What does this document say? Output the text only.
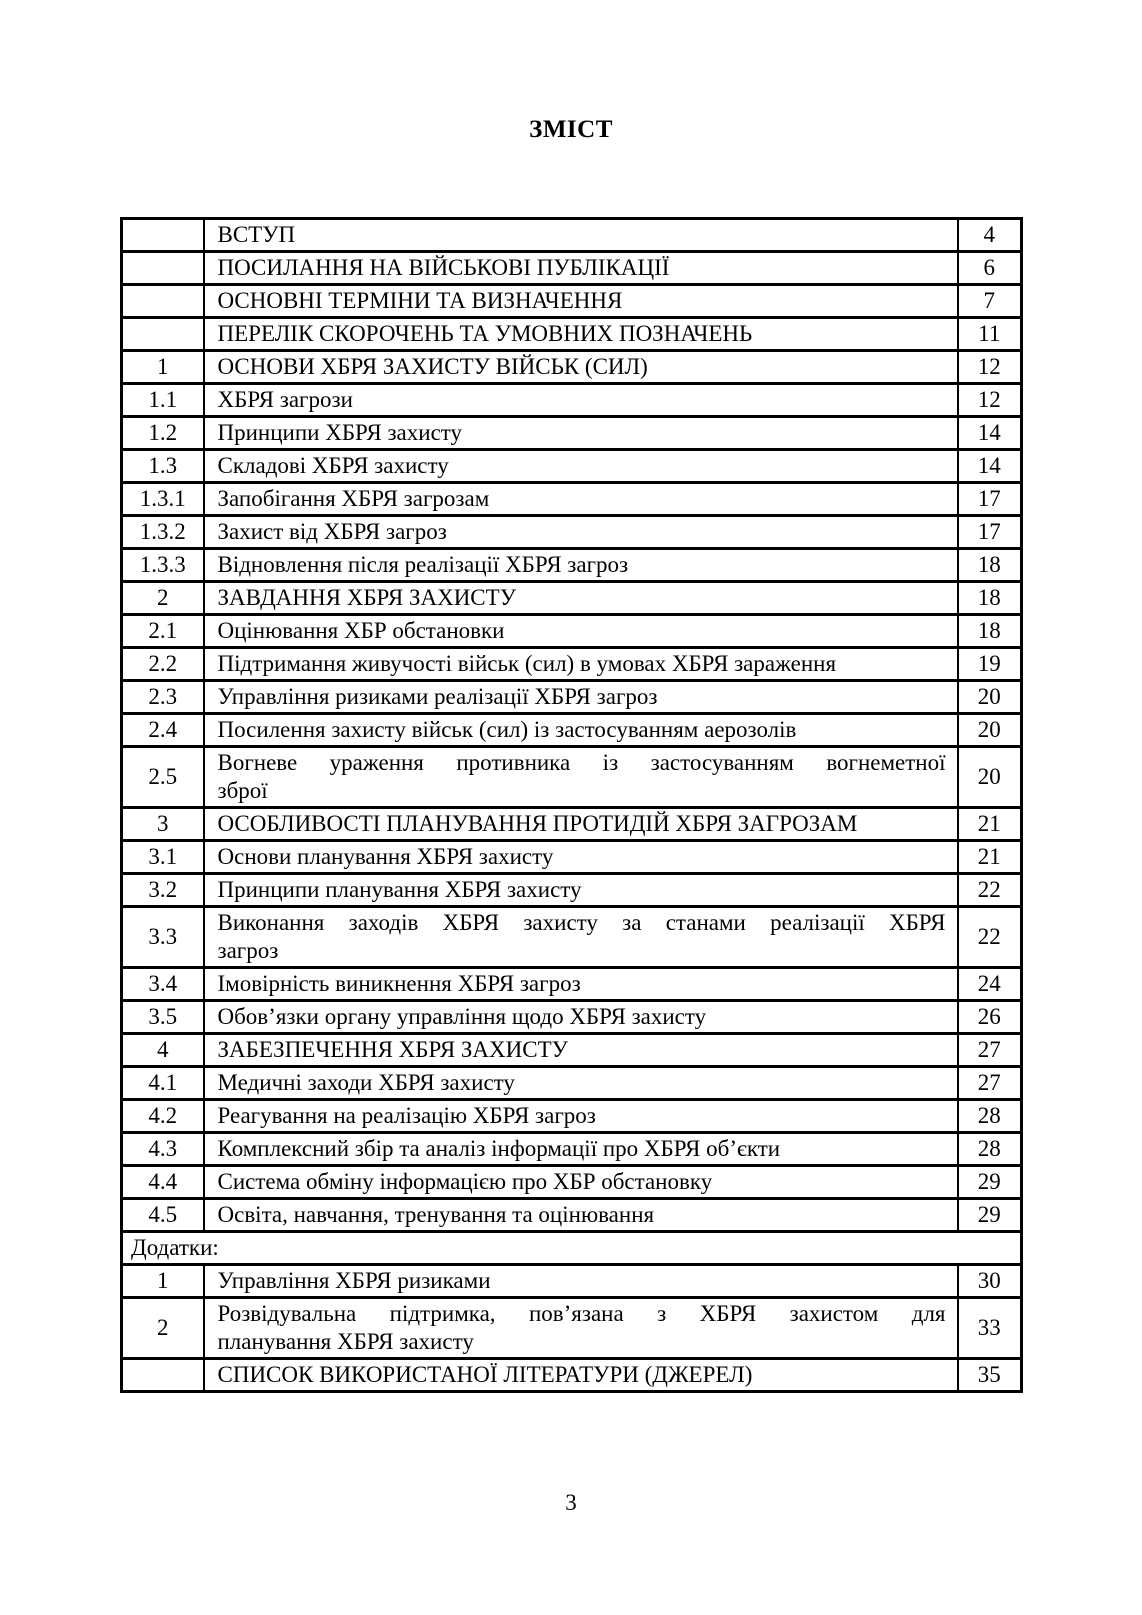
ЗМІСТ
	ВСТУП	4
	ПОСИЛАННЯ НА ВІЙСЬКОВІ ПУБЛІКАЦІЇ	6
	ОСНОВНІ ТЕРМІНИ ТА ВИЗНАЧЕННЯ	7
	ПЕРЕЛІК СКОРОЧЕНЬ ТА УМОВНИХ ПОЗНАЧЕНЬ	11
1	ОСНОВИ ХБРЯ ЗАХИСТУ ВІЙСЬК (СИЛ)	12
1.1	ХБРЯ загрози	12
1.2	Принципи ХБРЯ захисту	14
1.3	Складові ХБРЯ захисту	14
1.3.1	Запобігання ХБРЯ загрозам	17
1.3.2	Захист від ХБРЯ загроз	17
1.3.3	Відновлення після реалізації ХБРЯ загроз	18
2	ЗАВДАННЯ ХБРЯ ЗАХИСТУ	18
2.1	Оцінювання ХБР обстановки	18
2.2	Підтримання живучості військ (сил) в умовах ХБРЯ зараження	19
2.3	Управління ризиками реалізації ХБРЯ загроз	20
2.4	Посилення захисту військ (сил) із застосуванням аерозолів	20
2.5	Вогневе ураження противника із застосуванням вогнеметної
зброї	20
3	ОСОБЛИВОСТІ ПЛАНУВАННЯ ПРОТИДІЙ ХБРЯ ЗАГРОЗАМ	21
3.1	Основи планування ХБРЯ захисту	21
3.2	Принципи планування ХБРЯ захисту	22
3.3	Виконання заходів ХБРЯ захисту за станами реалізації ХБРЯ
загроз	22
3.4	Імовірність виникнення ХБРЯ загроз	24
3.5	Обов’язки органу управління щодо ХБРЯ захисту	26
4	ЗАБЕЗПЕЧЕННЯ ХБРЯ ЗАХИСТУ	27
4.1	Медичні заходи ХБРЯ захисту	27
4.2	Реагування на реалізацію ХБРЯ загроз	28
4.3	Комплексний збір та аналіз інформації про ХБРЯ об’єкти	28
4.4	Система обміну інформацією про ХБР обстановку	29
4.5	Освіта, навчання, тренування та оцінювання	29
Додатки:		
1	Управління ХБРЯ ризиками	30
2	Розвідувальна підтримка, пов’язана з ХБРЯ захистом для
планування ХБРЯ захисту	33
	СПИСОК ВИКОРИСТАНОЇ ЛІТЕРАТУРИ (ДЖЕРЕЛ)	35
3
